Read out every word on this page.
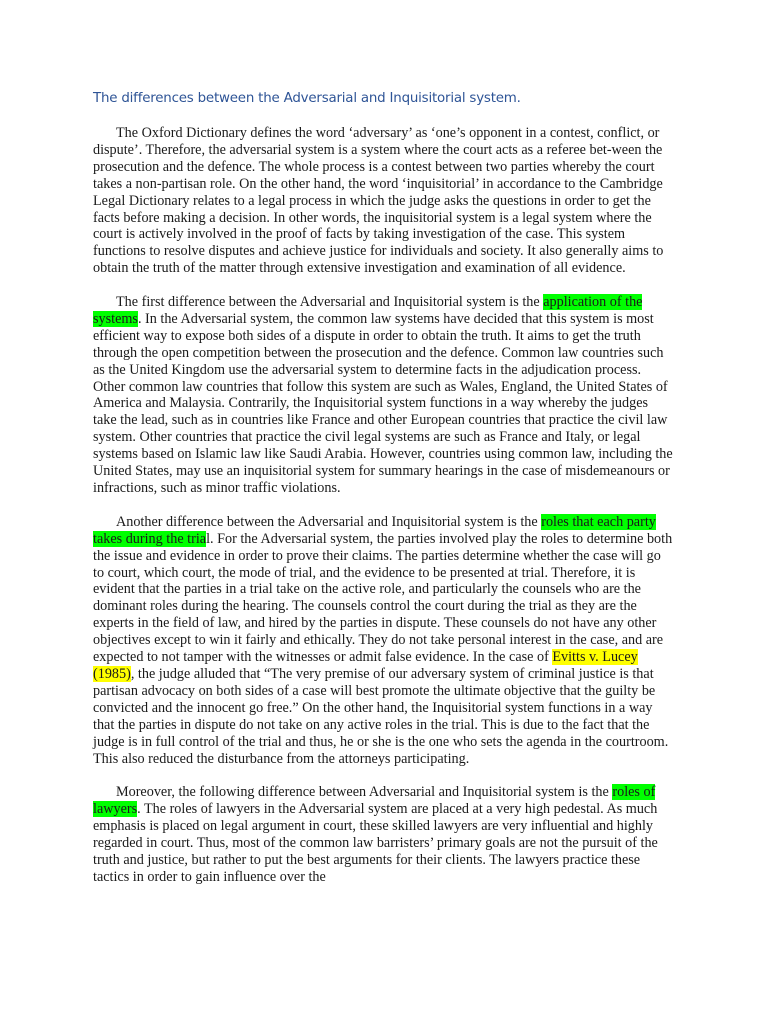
The differences between the Adversarial and Inquisitorial system.

The Oxford Dictionary defines the word ‘adversary’ as ‘one’s opponent in a contest, conflict, or dispute’. Therefore, the adversarial system is a system where the court acts as a referee bet-ween the prosecution and the defence. The whole process is a contest between two parties whereby the court takes a non-partisan role. On the other hand, the word ‘inquisitorial’ in accordance to the Cambridge Legal Dictionary relates to a legal process in which the judge asks the questions in order to get the facts before making a decision. In other words, the inquisitorial system is a legal system where the court is actively involved in the proof of facts by taking investigation of the case. This system functions to resolve disputes and achieve justice for individuals and society. It also generally aims to obtain the truth of the matter through extensive investigation and examination of all evidence.

The first difference between the Adversarial and Inquisitorial system is the application of the systems. In the Adversarial system, the common law systems have decided that this system is most efficient way to expose both sides of a dispute in order to obtain the truth. It aims to get the truth through the open competition between the prosecution and the defence. Common law countries such as the United Kingdom use the adversarial system to determine facts in the adjudication process. Other common law countries that follow this system are such as Wales, England, the United States of America and Malaysia. Contrarily, the Inquisitorial system functions in a way whereby the judges take the lead, such as in countries like France and other European countries that practice the civil law system. Other countries that practice the civil legal systems are such as France and Italy, or legal systems based on Islamic law like Saudi Arabia. However, countries using common law, including the United States, may use an inquisitorial system for summary hearings in the case of misdemeanours or infractions, such as minor traffic violations.

Another difference between the Adversarial and Inquisitorial system is the roles that each party takes during the trial. For the Adversarial system, the parties involved play the roles to determine both the issue and evidence in order to prove their claims. The parties determine whether the case will go to court, which court, the mode of trial, and the evidence to be presented at trial. Therefore, it is evident that the parties in a trial take on the active role, and particularly the counsels who are the dominant roles during the hearing. The counsels control the court during the trial as they are the experts in the field of law, and hired by the parties in dispute. These counsels do not have any other objectives except to win it fairly and ethically. They do not take personal interest in the case, and are expected to not tamper with the witnesses or admit false evidence. In the case of Evitts v. Lucey (1985), the judge alluded that “The very premise of our adversary system of criminal justice is that partisan advocacy on both sides of a case will best promote the ultimate objective that the guilty be convicted and the innocent go free.” On the other hand, the Inquisitorial system functions in a way that the parties in dispute do not take on any active roles in the trial. This is due to the fact that the judge is in full control of the trial and thus, he or she is the one who sets the agenda in the courtroom. This also reduced the disturbance from the attorneys participating.

Moreover, the following difference between Adversarial and Inquisitorial system is the roles of lawyers. The roles of lawyers in the Adversarial system are placed at a very high pedestal. As much emphasis is placed on legal argument in court, these skilled lawyers are very influential and highly regarded in court. Thus, most of the common law barristers’ primary goals are not the pursuit of the truth and justice, but rather to put the best arguments for their clients. The lawyers practice these tactics in order to gain influence over the
